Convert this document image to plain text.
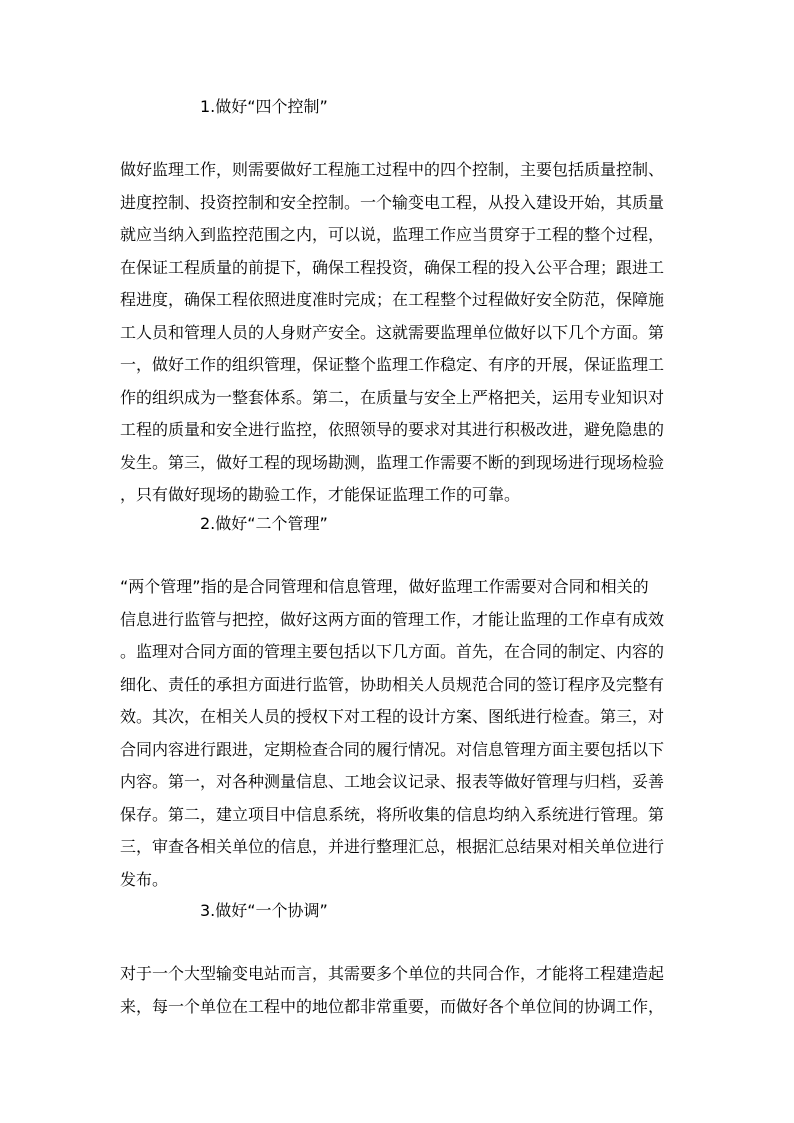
1.做好“四个控制”
做好监理工作，则需要做好工程施工过程中的四个控制，主要包括质量控制、
进度控制、投资控制和安全控制。一个输变电工程，从投入建设开始，其质量
就应当纳入到监控范围之内，可以说，监理工作应当贯穿于工程的整个过程，
在保证工程质量的前提下，确保工程投资，确保工程的投入公平合理；跟进工
程进度，确保工程依照进度准时完成；在工程整个过程做好安全防范，保障施
工人员和管理人员的人身财产安全。这就需要监理单位做好以下几个方面。第
一，做好工作的组织管理，保证整个监理工作稳定、有序的开展，保证监理工
作的组织成为一整套体系。第二，在质量与安全上严格把关，运用专业知识对
工程的质量和安全进行监控，依照领导的要求对其进行积极改进，避免隐患的
发生。第三，做好工程的现场勘测，监理工作需要不断的到现场进行现场检验
，只有做好现场的勘验工作，才能保证监理工作的可靠。
2.做好“二个管理”
“两个管理”指的是合同管理和信息管理，做好监理工作需要对合同和相关的
信息进行监管与把控，做好这两方面的管理工作，才能让监理的工作卓有成效
。监理对合同方面的管理主要包括以下几方面。首先，在合同的制定、内容的
细化、责任的承担方面进行监管，协助相关人员规范合同的签订程序及完整有
效。其次，在相关人员的授权下对工程的设计方案、图纸进行检查。第三，对
合同内容进行跟进，定期检查合同的履行情况。对信息管理方面主要包括以下
内容。第一，对各种测量信息、工地会议记录、报表等做好管理与归档，妥善
保存。第二，建立项目中信息系统，将所收集的信息均纳入系统进行管理。第
三，审查各相关单位的信息，并进行整理汇总，根据汇总结果对相关单位进行
发布。
3.做好“一个协调”
对于一个大型输变电站而言，其需要多个单位的共同合作，才能将工程建造起
来，每一个单位在工程中的地位都非常重要，而做好各个单位间的协调工作，
